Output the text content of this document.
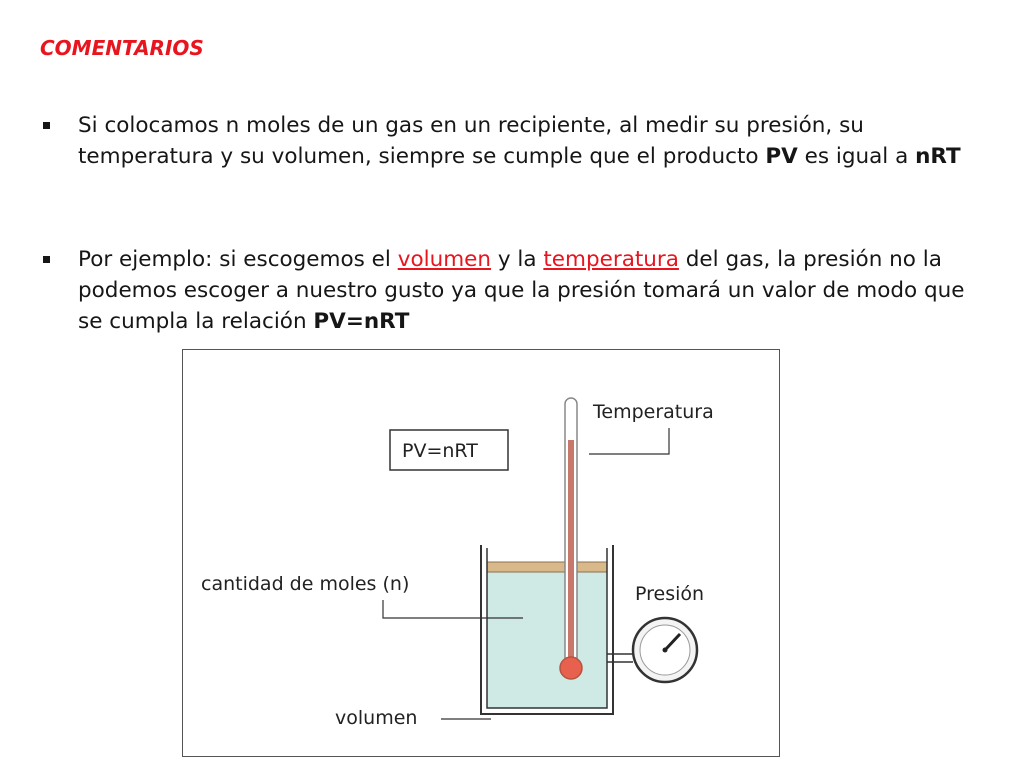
COMENTARIOS
Si colocamos n moles de un gas en un recipiente, al medir su presión, su temperatura y su volumen, siempre se cumple que el producto PV es igual a nRT
Por ejemplo: si escogemos el volumen y la temperatura del gas, la presión no la podemos escoger a nuestro gusto ya que la presión tomará un valor de modo que se cumpla la relación PV=nRT
PV=nRT
Temperatura
cantidad de moles (n)	Presión
volumen
